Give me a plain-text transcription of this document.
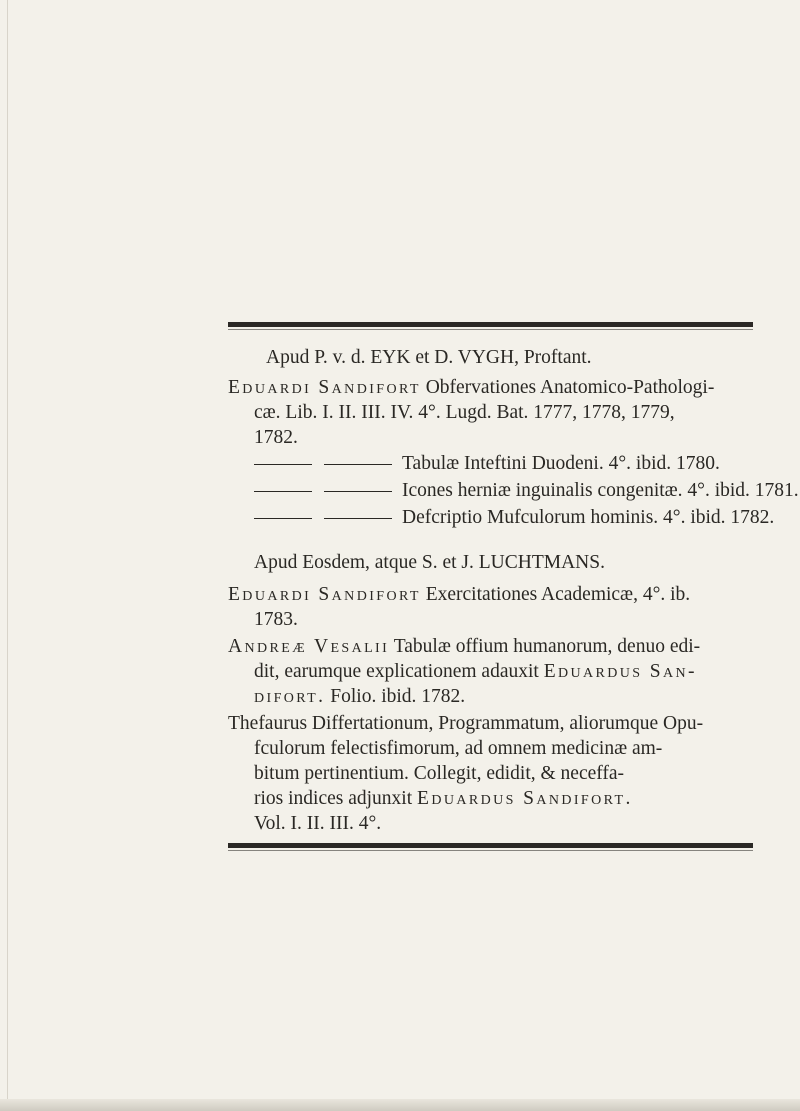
Apud P. v. d. EYK et D. VYGH, Proftant.
Eduardi Sandifort Obfervationes Anatomico-Pathologi-
cæ. Lib. I. II. III. IV. 4°. Lugd. Bat. 1777, 1778, 1779,
1782.
Tabulæ Inteftini Duodeni. 4°. ibid. 1780.
Icones herniæ inguinalis congenitæ. 4°. ibid. 1781.
Defcriptio Mufculorum hominis. 4°. ibid. 1782.
Apud Eosdem, atque S. et J. LUCHTMANS.
Eduardi Sandifort Exercitationes Academicæ, 4°. ib.
1783.
Andreæ Vesalii Tabulæ offium humanorum, denuo edi-
dit, earumque explicationem adauxit Eduardus San-
difort. Folio. ibid. 1782.
Thefaurus Differtationum, Programmatum, aliorumque Opu-
fculorum felectisfimorum, ad omnem medicinæ am-
bitum pertinentium. Collegit, edidit, & neceffa-
rios indices adjunxit Eduardus Sandifort.
Vol. I. II. III. 4°.
